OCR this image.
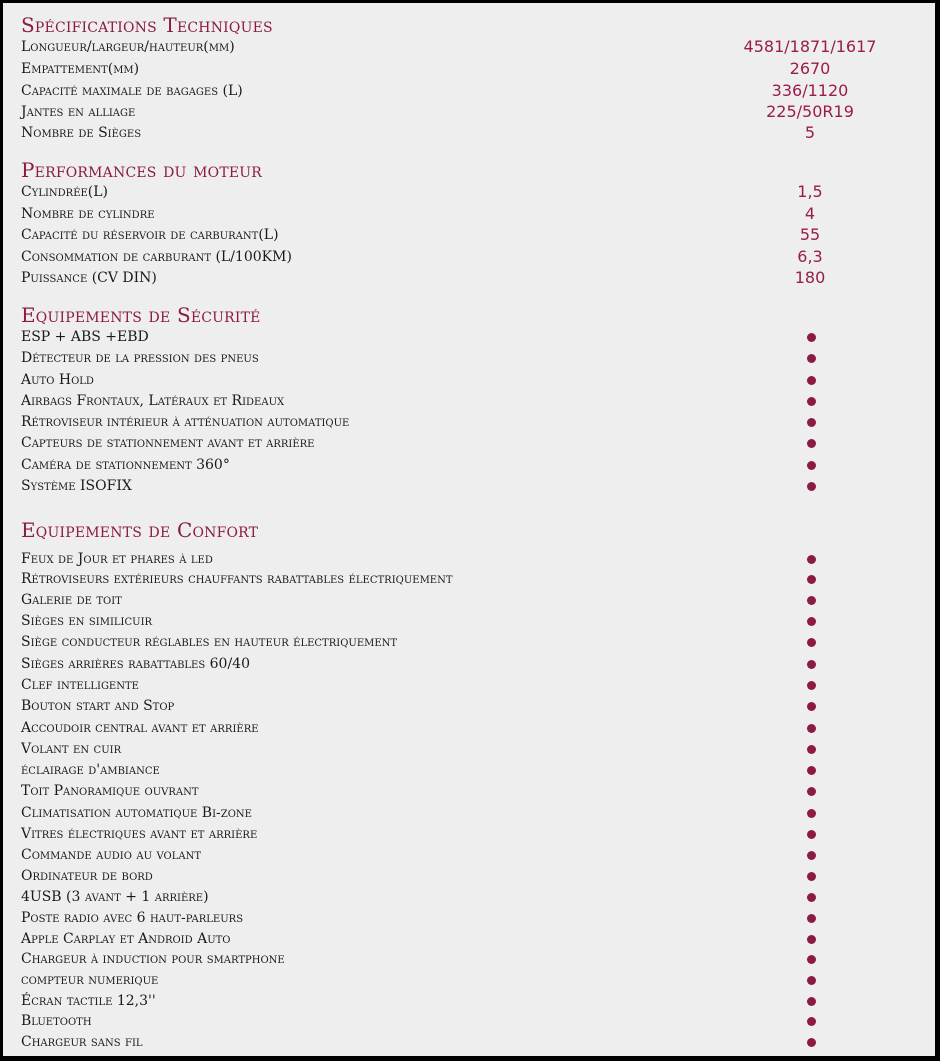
Spécifications Techniques
Longueur/largeur/hauteur(mm)	4581/1871/1617
Empattement(mm)	2670
Capacité maximale de bagages (L)	336/1120
Jantes en alliage	225/50R19
Nombre de Sièges	5
Performances du moteur
Cylindrée(L)	1,5
Nombre de cylindre	4
Capacité du réservoir de carburant(L)	55
Consommation de carburant (L/100KM)	6,3
Puissance (CV DIN)	180
Equipements de Sécurité
ESP + ABS +EBD
Détecteur de la pression des pneus
Auto Hold
Airbags Frontaux, Latéraux et Rideaux
Rétroviseur intérieur à atténuation automatique
Capteurs de stationnement avant et arrière
Caméra de stationnement 360°
Système ISOFIX
Equipements de Confort
Feux de Jour et phares à led
Rétroviseurs extérieurs chauffants rabattables électriquement
Galerie de toit
Sièges en similicuir
Siège conducteur réglables en hauteur électriquement
Sièges arrières rabattables 60/40
Clef intelligente
Bouton start and Stop
Accoudoir central avant et arrière
Volant en cuir
éclairage d'ambiance
Toit Panoramique ouvrant
Climatisation automatique Bi-zone
Vitres électriques avant et arrière
Commande audio au volant
Ordinateur de bord
4USB (3 avant + 1 arrière)
Poste radio avec 6 haut-parleurs
Apple Carplay et Android Auto
Chargeur à induction pour smartphone
compteur numerique
Écran tactile 12,3''
Bluetooth
Chargeur sans fil
